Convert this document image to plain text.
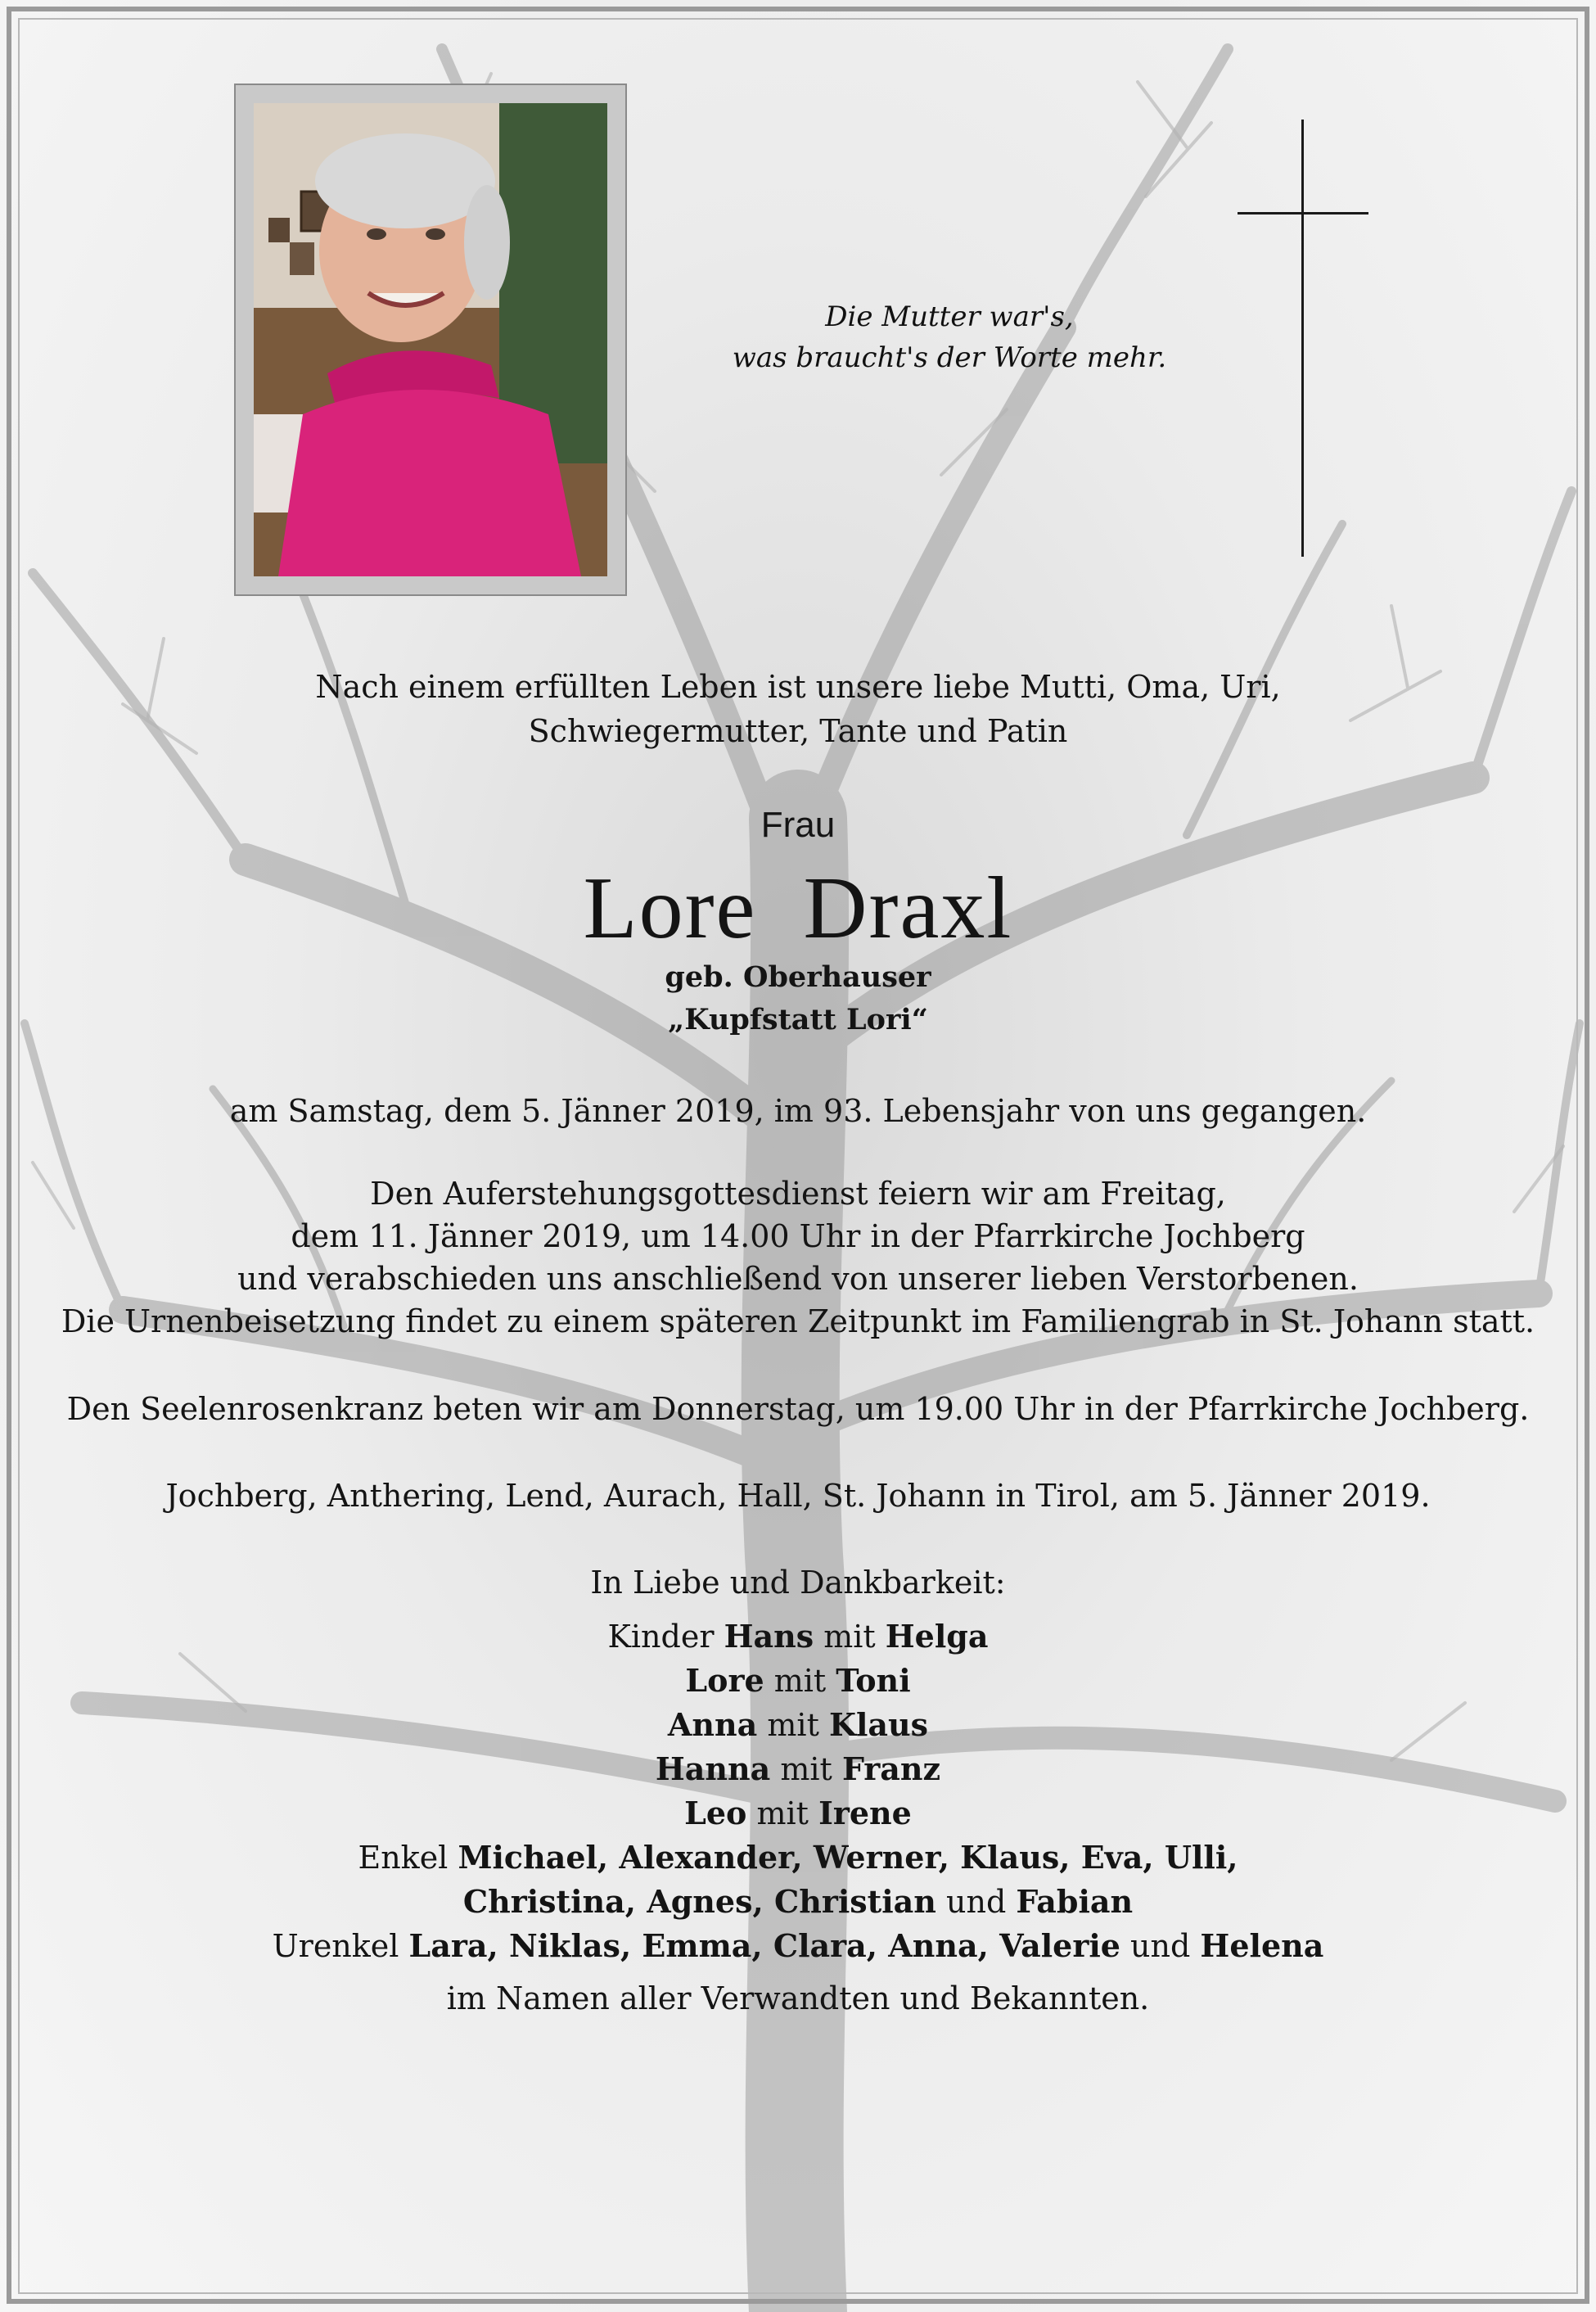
Die Mutter war's,
was braucht's der Worte mehr.
Nach einem erfüllten Leben ist unsere liebe Mutti, Oma, Uri,
Schwiegermutter, Tante und Patin
Frau
Lore Draxl
geb. Oberhauser
„Kupfstatt Lori“
am Samstag, dem 5. Jänner 2019, im 93. Lebensjahr von uns gegangen.
Den Auferstehungsgottesdienst feiern wir am Freitag,
dem 11. Jänner 2019, um 14.00 Uhr in der Pfarrkirche Jochberg
und verabschieden uns anschließend von unserer lieben Verstorbenen.
Die Urnenbeisetzung findet zu einem späteren Zeitpunkt im Familiengrab in St. Johann statt.
Den Seelenrosenkranz beten wir am Donnerstag, um 19.00 Uhr in der Pfarrkirche Jochberg.
Jochberg, Anthering, Lend, Aurach, Hall, St. Johann in Tirol, am 5. Jänner 2019.
In Liebe und Dankbarkeit:
Kinder Hans mit Helga
Lore mit Toni
Anna mit Klaus
Hanna mit Franz
Leo mit Irene
Enkel Michael, Alexander, Werner, Klaus, Eva, Ulli,
Christina, Agnes, Christian und Fabian
Urenkel Lara, Niklas, Emma, Clara, Anna, Valerie und Helena
im Namen aller Verwandten und Bekannten.
